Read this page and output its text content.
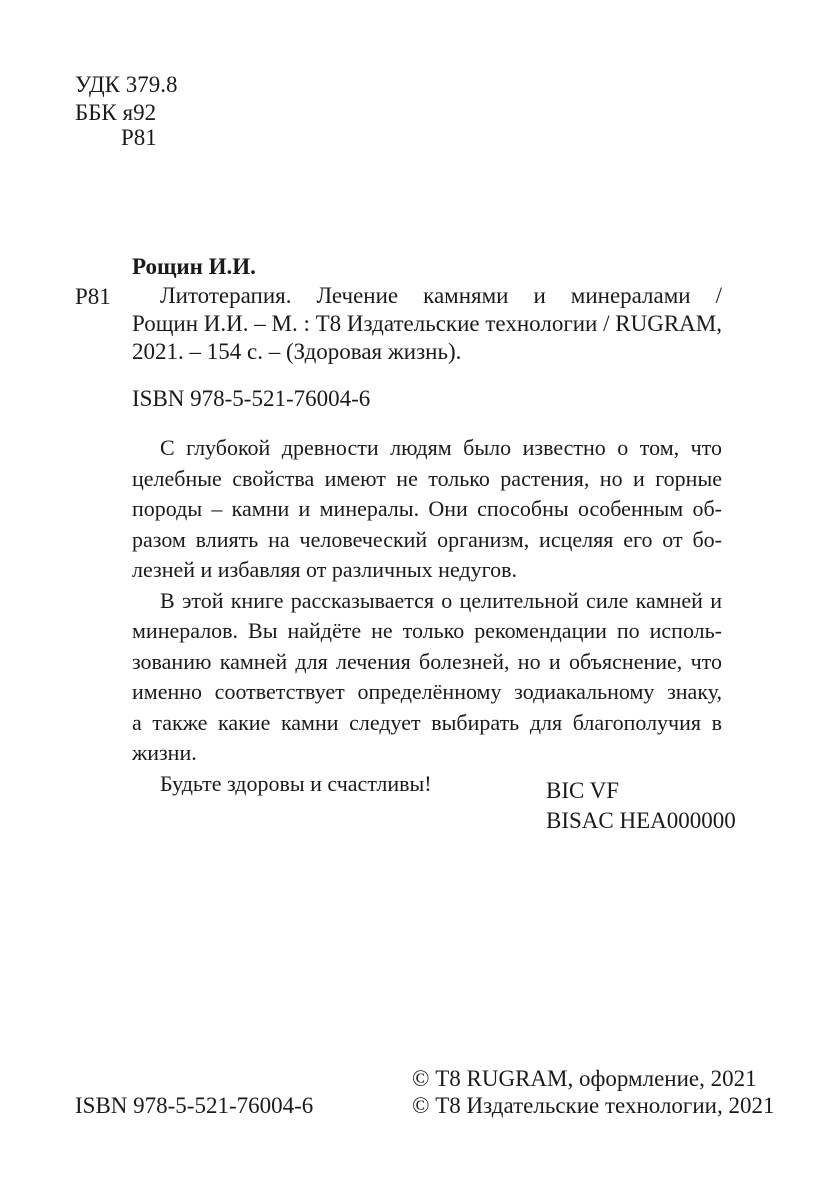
УДК 379.8
ББК я92
Р81
Рощин И.И.
Р81	Литотерапия. Лечение камнями и минералами /
Рощин И.И. – М. : Т8 Издательские технологии / RUGRAM,
2021. – 154 с. – (Здоровая жизнь).
ISBN 978-5-521-76004-6
С глубокой древности людям было известно о том, что
целебные свойства имеют не только растения, но и горные
породы – камни и минералы. Они способны особенным об-
разом влиять на человеческий организм, исцеляя его от бо-
лезней и избавляя от различных недугов.
В этой книге рассказывается о целительной силе камней и
минералов. Вы найдёте не только рекомендации по исполь-
зованию камней для лечения болезней, но и объяснение, что
именно соответствует определённому зодиакальному знаку,
а также какие камни следует выбирать для благополучия в
жизни.
Будьте здоровы и счастливы!	BIC VF
BISAC HEA000000
ISBN 978-5-521-76004-6
© Т8 RUGRAM, оформление, 2021
© Т8 Издательские технологии, 2021
